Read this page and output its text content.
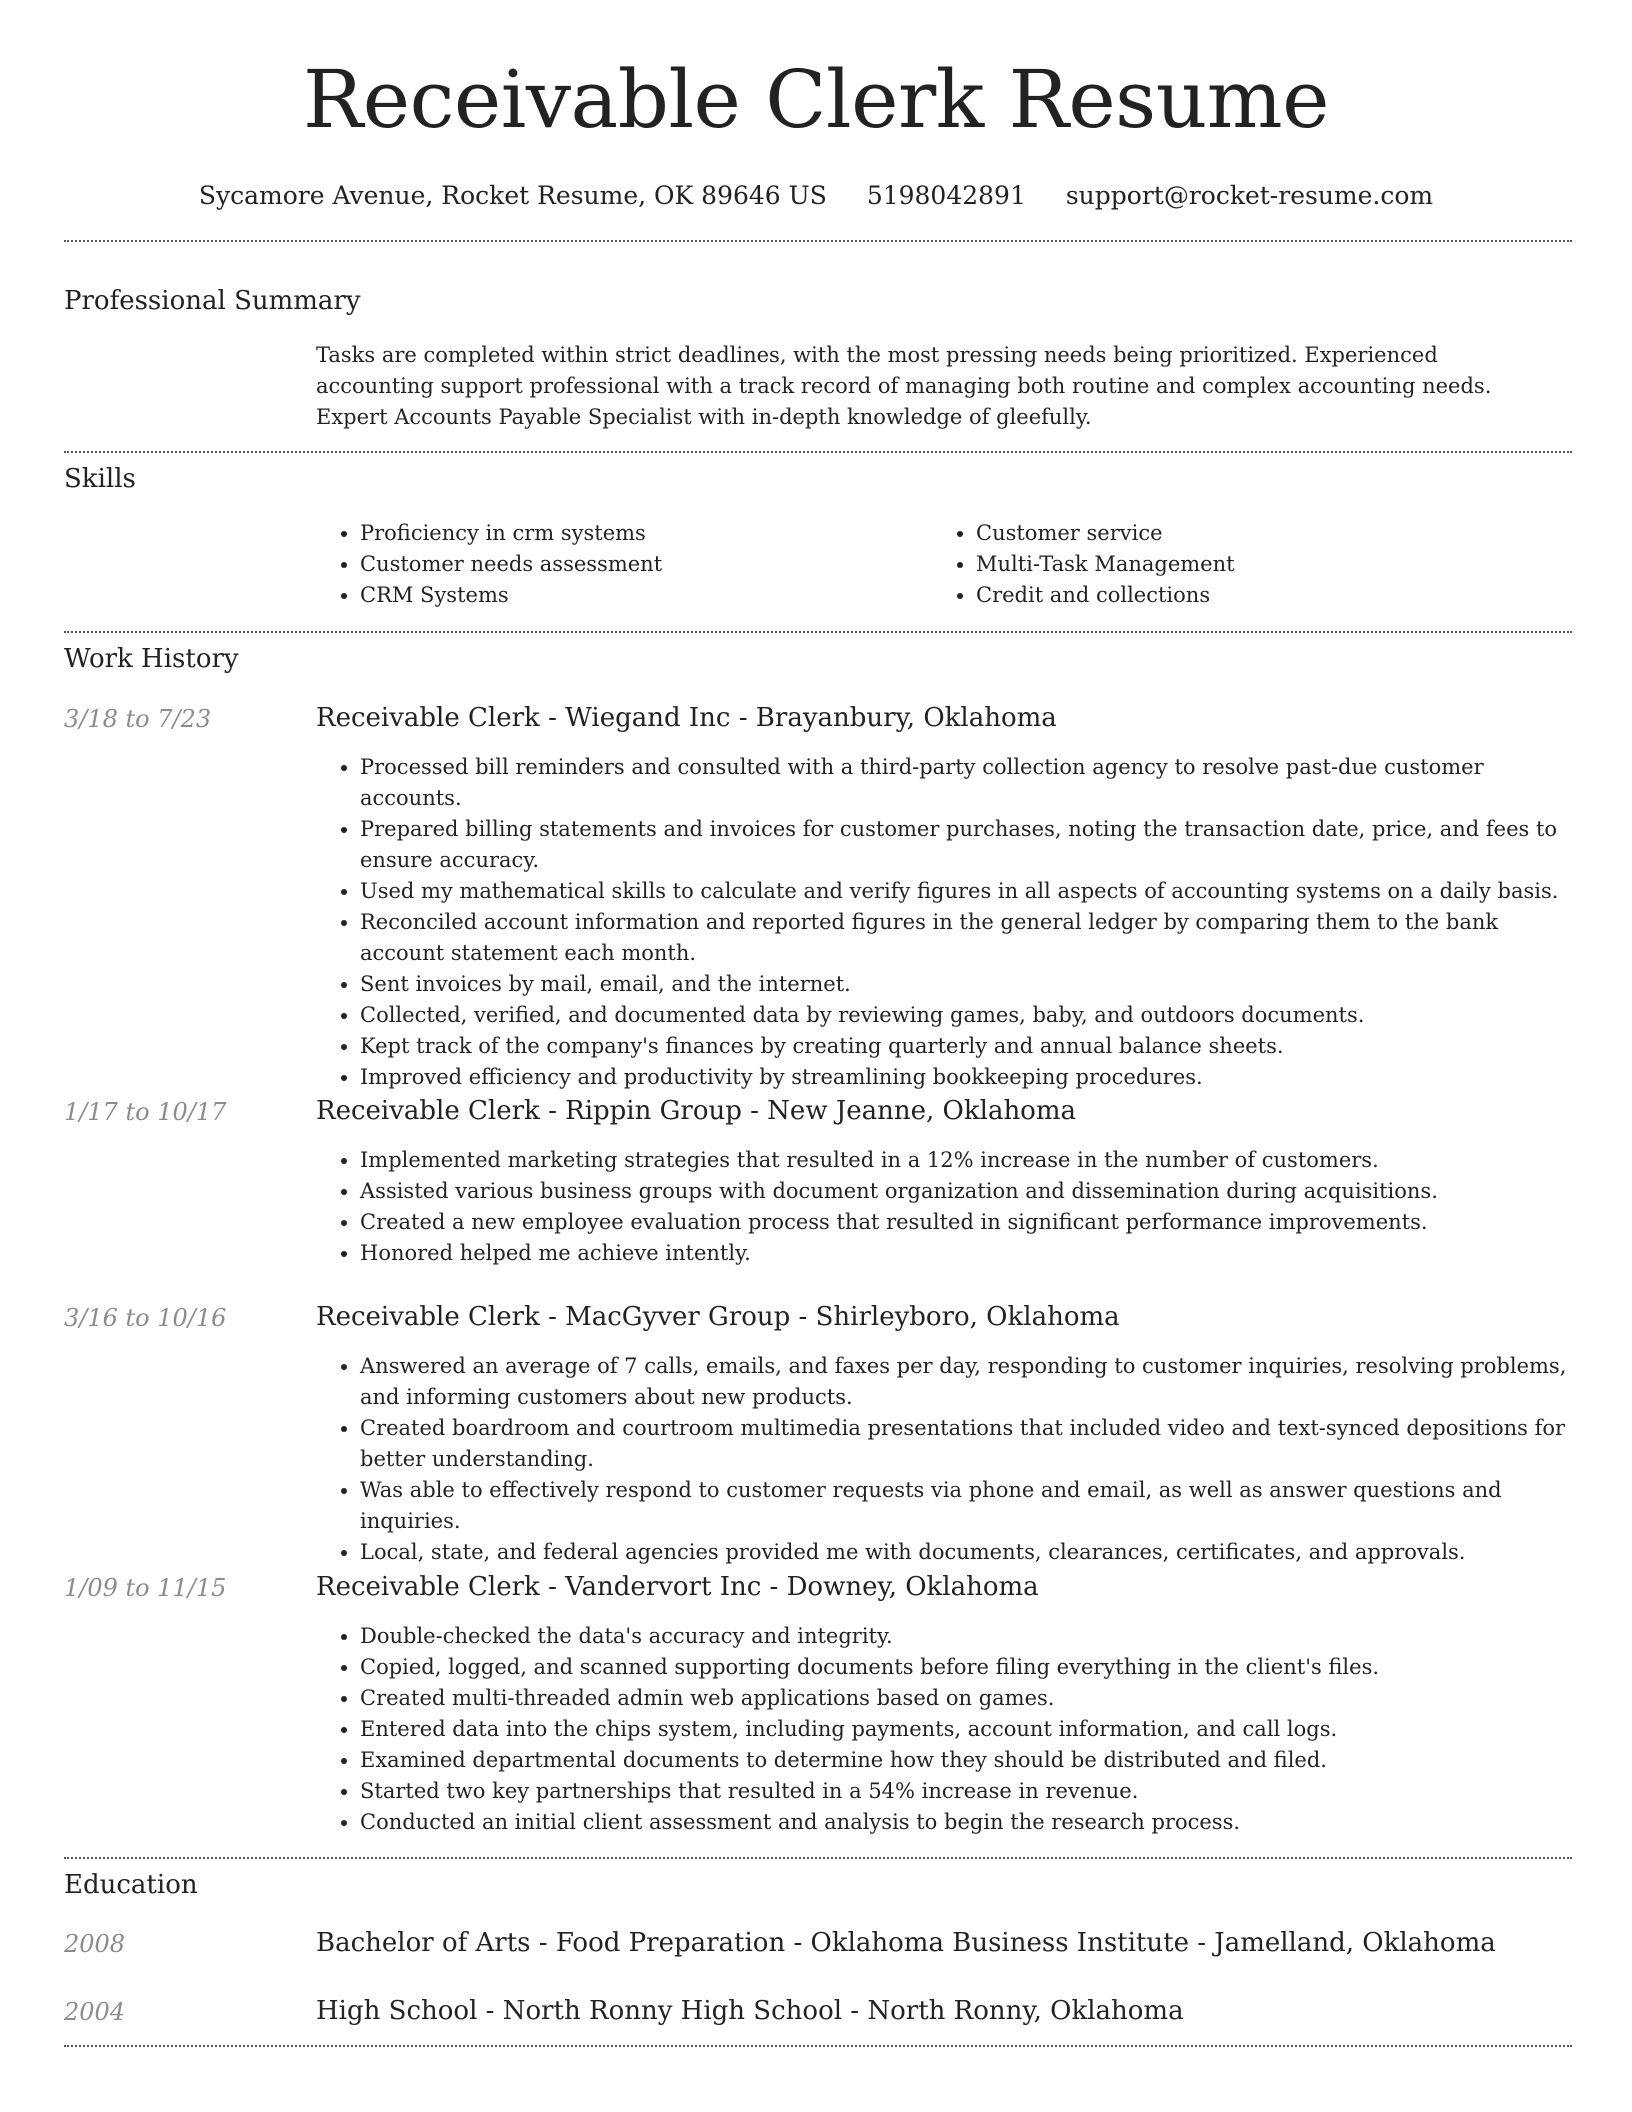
Receivable Clerk Resume
Sycamore Avenue, Rocket Resume, OK 89646 US 5198042891 support@rocket-resume.com
Professional Summary

Tasks are completed within strict deadlines, with the most pressing needs being prioritized. Experienced accounting support professional with a track record of managing both routine and complex accounting needs. Expert Accounts Payable Specialist with in-depth knowledge of gleefully.

Skills
• Proficiency in crm systems
• Customer needs assessment
• CRM Systems
• Customer service
• Multi-Task Management
• Credit and collections
Work History
3/18 to 7/23	Receivable Clerk - Wiegand Inc - Brayanbury, Oklahoma
• Processed bill reminders and consulted with a third-party collection agency to resolve past-due customer accounts.
• Prepared billing statements and invoices for customer purchases, noting the transaction date, price, and fees to ensure accuracy.
• Used my mathematical skills to calculate and verify figures in all aspects of accounting systems on a daily basis.
• Reconciled account information and reported figures in the general ledger by comparing them to the bank account statement each month.
• Sent invoices by mail, email, and the internet.
• Collected, verified, and documented data by reviewing games, baby, and outdoors documents.
• Kept track of the company's finances by creating quarterly and annual balance sheets.
• Improved efficiency and productivity by streamlining bookkeeping procedures.
1/17 to 10/17	Receivable Clerk - Rippin Group - New Jeanne, Oklahoma
• Implemented marketing strategies that resulted in a 12% increase in the number of customers.
• Assisted various business groups with document organization and dissemination during acquisitions.
• Created a new employee evaluation process that resulted in significant performance improvements.
• Honored helped me achieve intently.
3/16 to 10/16	Receivable Clerk - MacGyver Group - Shirleyboro, Oklahoma
• Answered an average of 7 calls, emails, and faxes per day, responding to customer inquiries, resolving problems, and informing customers about new products.
• Created boardroom and courtroom multimedia presentations that included video and text-synced depositions for better understanding.
• Was able to effectively respond to customer requests via phone and email, as well as answer questions and inquiries.
• Local, state, and federal agencies provided me with documents, clearances, certificates, and approvals.
1/09 to 11/15	Receivable Clerk - Vandervort Inc - Downey, Oklahoma
• Double-checked the data's accuracy and integrity.
• Copied, logged, and scanned supporting documents before filing everything in the client's files.
• Created multi-threaded admin web applications based on games.
• Entered data into the chips system, including payments, account information, and call logs.
• Examined departmental documents to determine how they should be distributed and filed.
• Started two key partnerships that resulted in a 54% increase in revenue.
• Conducted an initial client assessment and analysis to begin the research process.
Education
2008	Bachelor of Arts - Food Preparation - Oklahoma Business Institute - Jamelland, Oklahoma
2004	High School - North Ronny High School - North Ronny, Oklahoma
